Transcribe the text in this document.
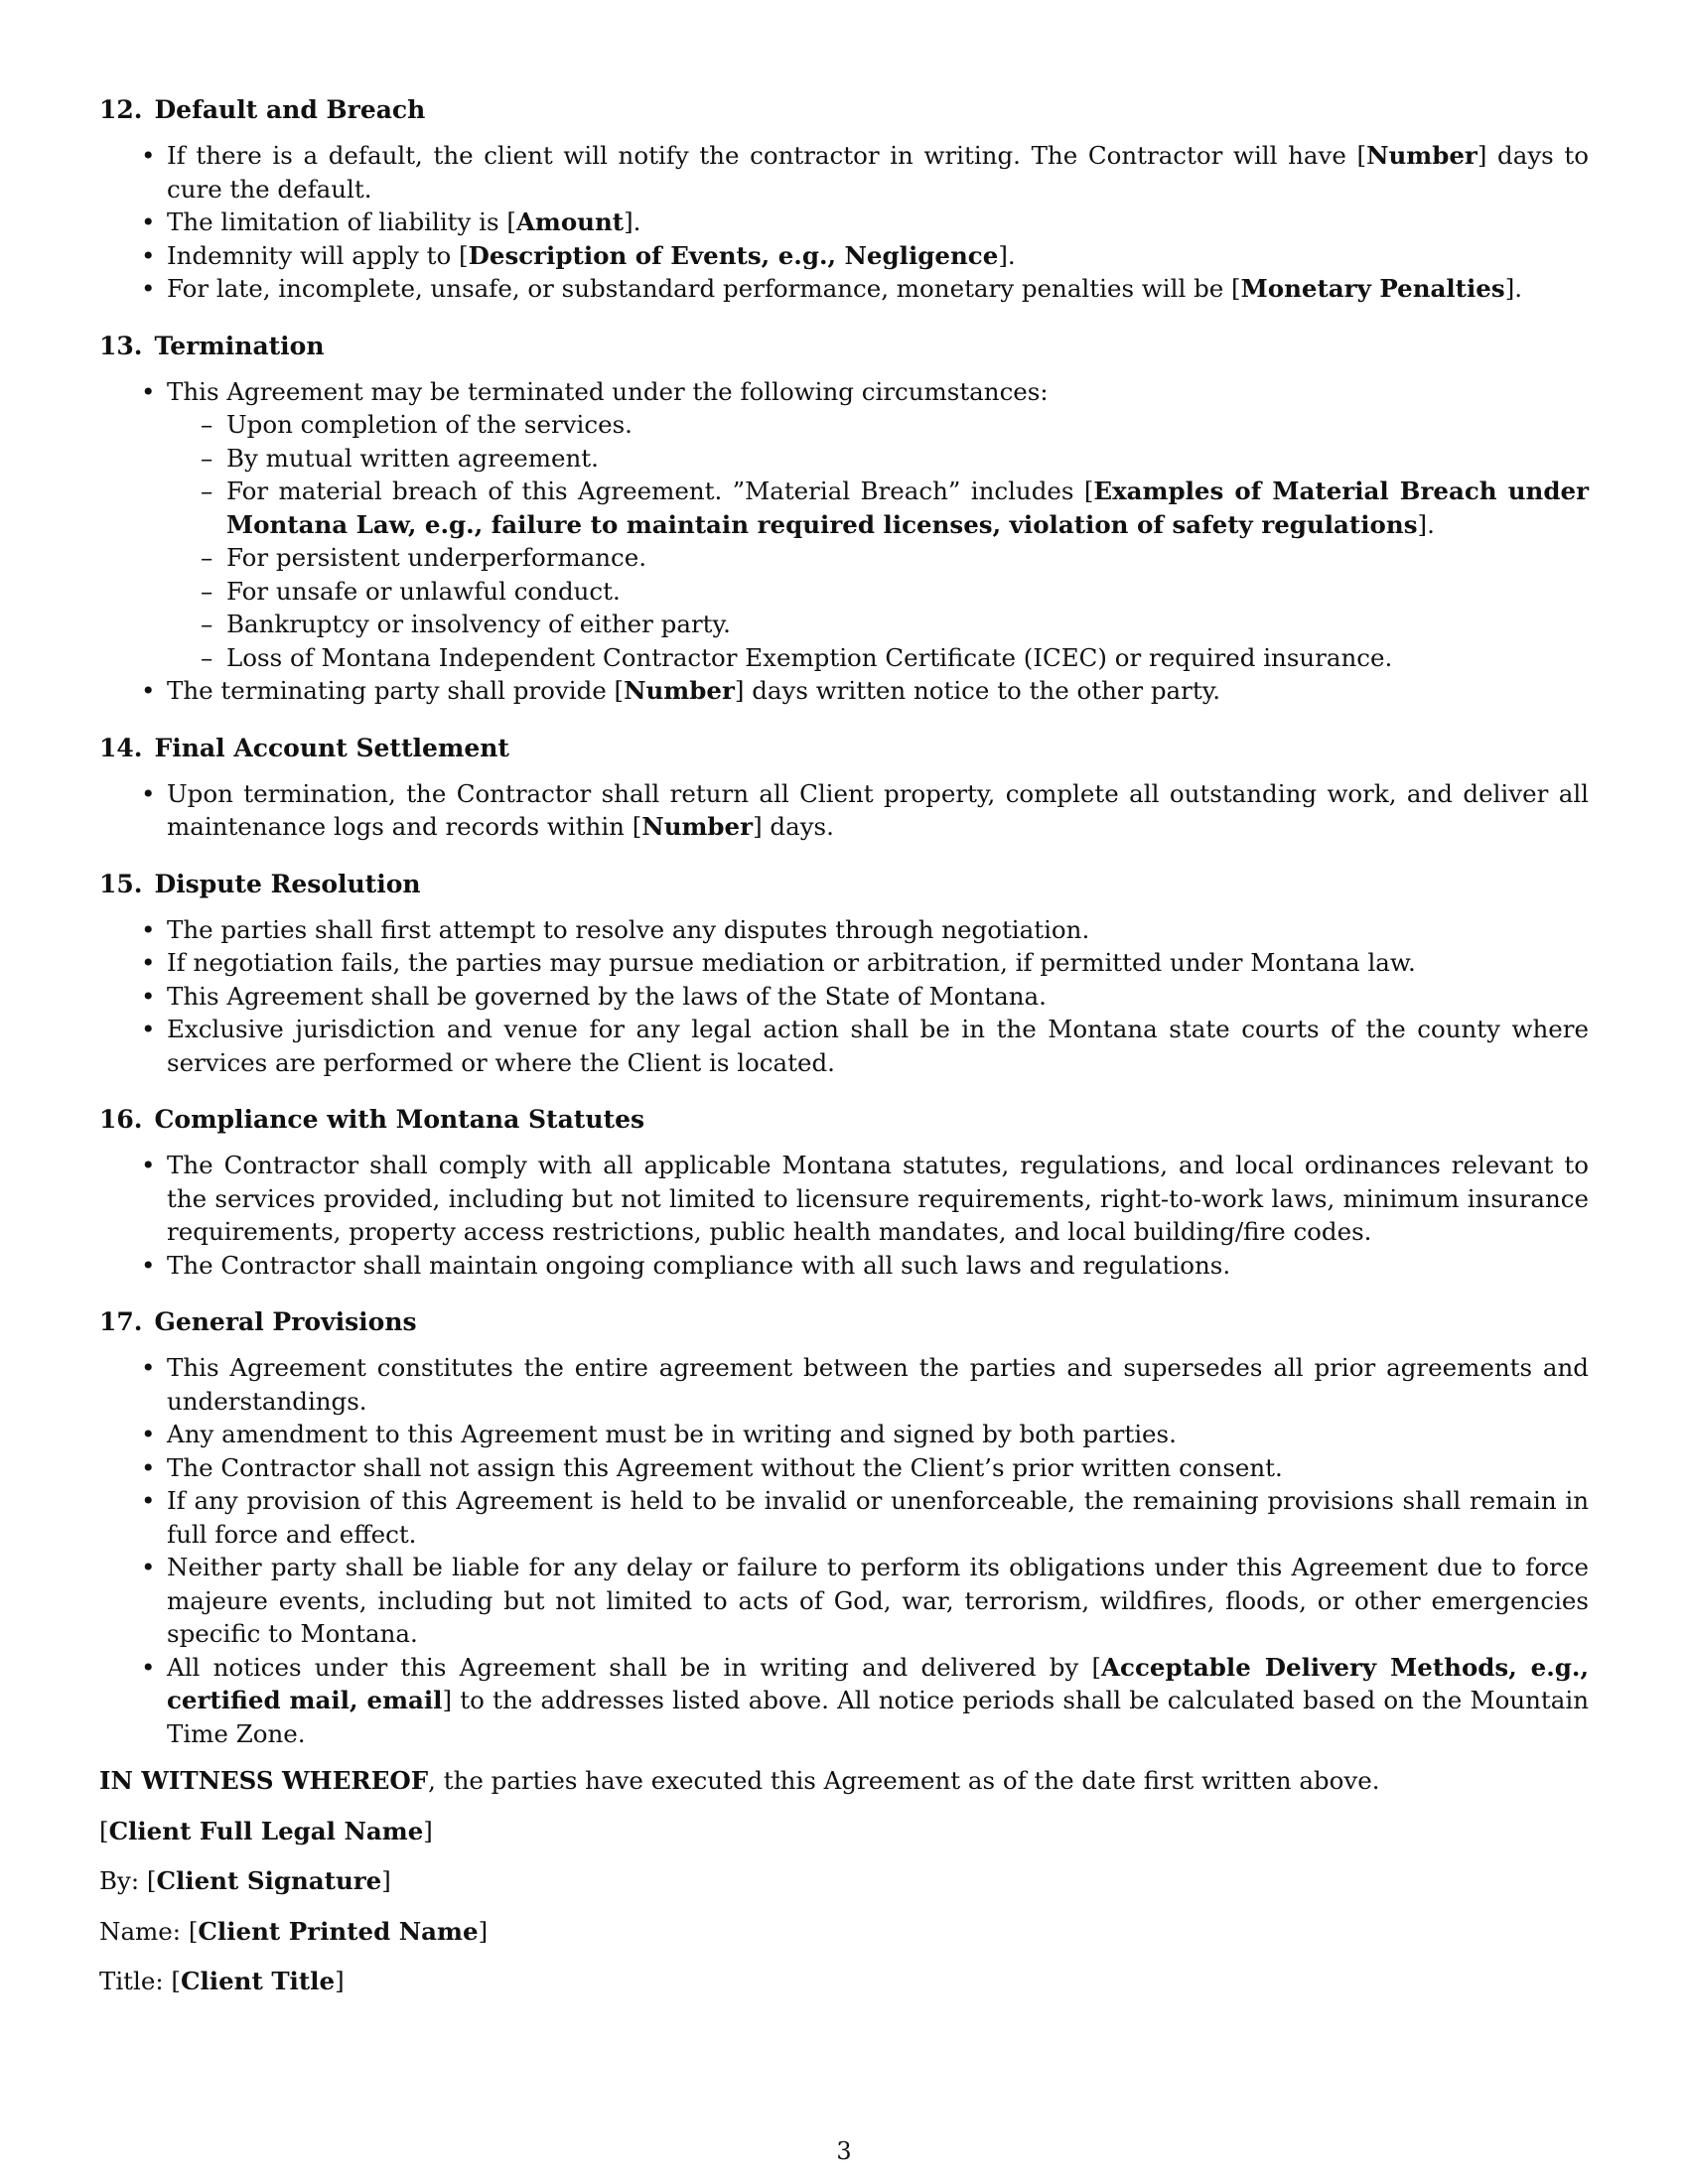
12. Default and Breach
• If there is a default, the client will notify the contractor in writing. The Contractor will have [Number] days to cure the default.
• The limitation of liability is [Amount].
• Indemnity will apply to [Description of Events, e.g., Negligence].
• For late, incomplete, unsafe, or substandard performance, monetary penalties will be [Monetary Penalties].
13. Termination
• This Agreement may be terminated under the following circumstances:
– Upon completion of the services.
– By mutual written agreement.
– For material breach of this Agreement. ”Material Breach” includes [Examples of Material Breach under Montana Law, e.g., failure to maintain required licenses, violation of safety regulations].
– For persistent underperformance.
– For unsafe or unlawful conduct.
– Bankruptcy or insolvency of either party.
– Loss of Montana Independent Contractor Exemption Certificate (ICEC) or required insurance.
• The terminating party shall provide [Number] days written notice to the other party.
14. Final Account Settlement
• Upon termination, the Contractor shall return all Client property, complete all outstanding work, and deliver all maintenance logs and records within [Number] days.
15. Dispute Resolution
• The parties shall first attempt to resolve any disputes through negotiation.
• If negotiation fails, the parties may pursue mediation or arbitration, if permitted under Montana law.
• This Agreement shall be governed by the laws of the State of Montana.
• Exclusive jurisdiction and venue for any legal action shall be in the Montana state courts of the county where services are performed or where the Client is located.
16. Compliance with Montana Statutes
• The Contractor shall comply with all applicable Montana statutes, regulations, and local ordinances relevant to the services provided, including but not limited to licensure requirements, right-to-work laws, minimum insurance requirements, property access restrictions, public health mandates, and local building/fire codes.
• The Contractor shall maintain ongoing compliance with all such laws and regulations.
17. General Provisions
• This Agreement constitutes the entire agreement between the parties and supersedes all prior agreements and understandings.
• Any amendment to this Agreement must be in writing and signed by both parties.
• The Contractor shall not assign this Agreement without the Client’s prior written consent.
• If any provision of this Agreement is held to be invalid or unenforceable, the remaining provisions shall remain in full force and effect.
• Neither party shall be liable for any delay or failure to perform its obligations under this Agreement due to force majeure events, including but not limited to acts of God, war, terrorism, wildfires, floods, or other emergencies specific to Montana.
• All notices under this Agreement shall be in writing and delivered by [Acceptable Delivery Methods, e.g., certified mail, email] to the addresses listed above. All notice periods shall be calculated based on the Mountain Time Zone.

IN WITNESS WHEREOF, the parties have executed this Agreement as of the date first written above.

[Client Full Legal Name]

By: [Client Signature]

Name: [Client Printed Name]

Title: [Client Title]

3
